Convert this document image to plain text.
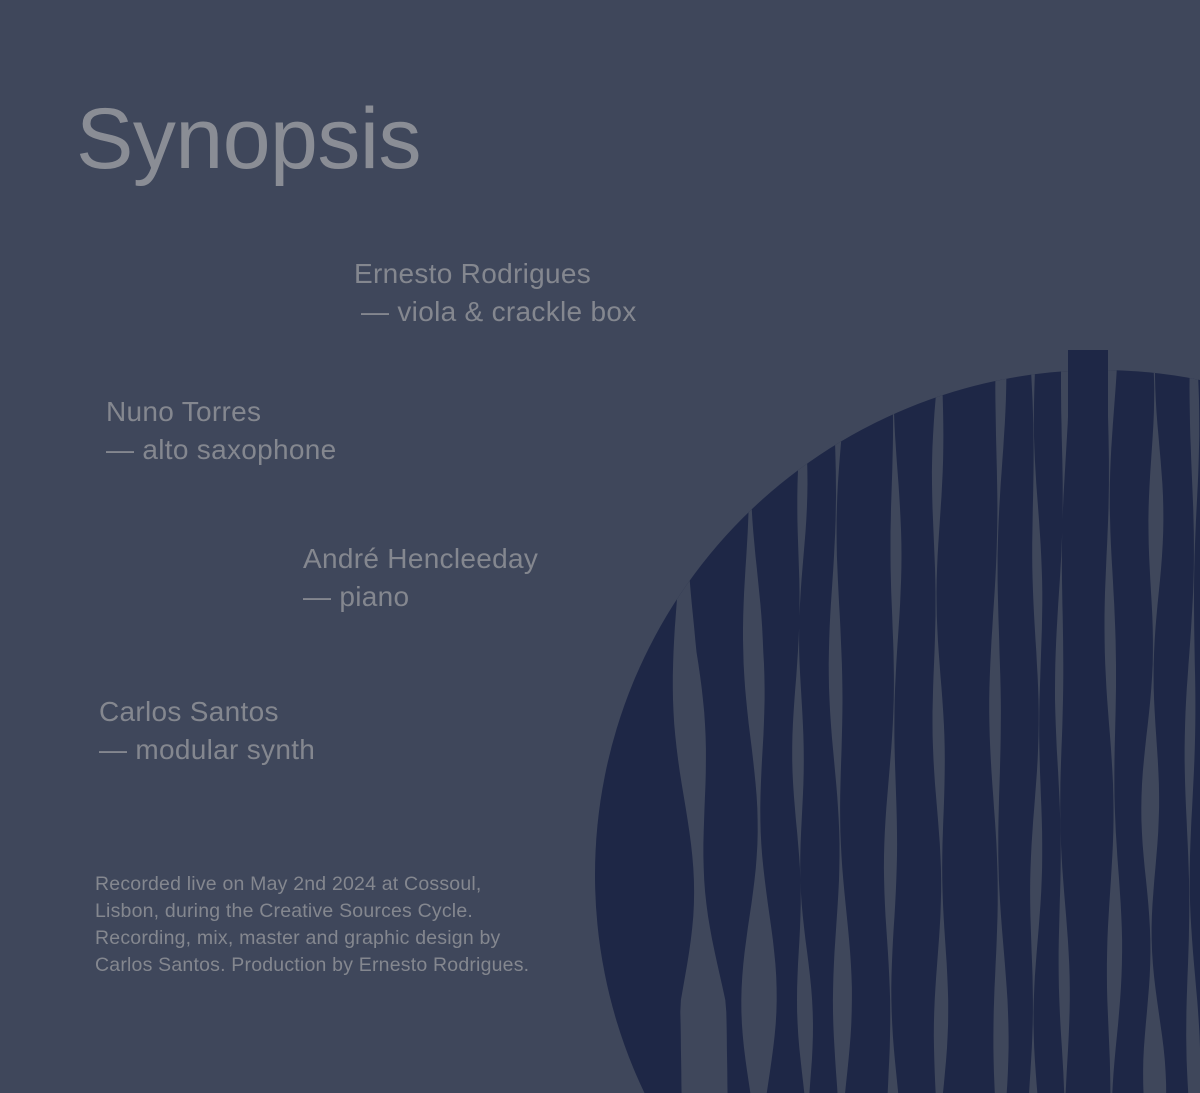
Synopsis
Ernesto Rodrigues
— viola & crackle box
Nuno Torres
— alto saxophone
André Hencleeday
— piano
Carlos Santos
— modular synth
Recorded live on May 2nd 2024 at Cossoul,
Lisbon, during the Creative Sources Cycle.
Recording, mix, master and graphic design by
Carlos Santos. Production by Ernesto Rodrigues.
